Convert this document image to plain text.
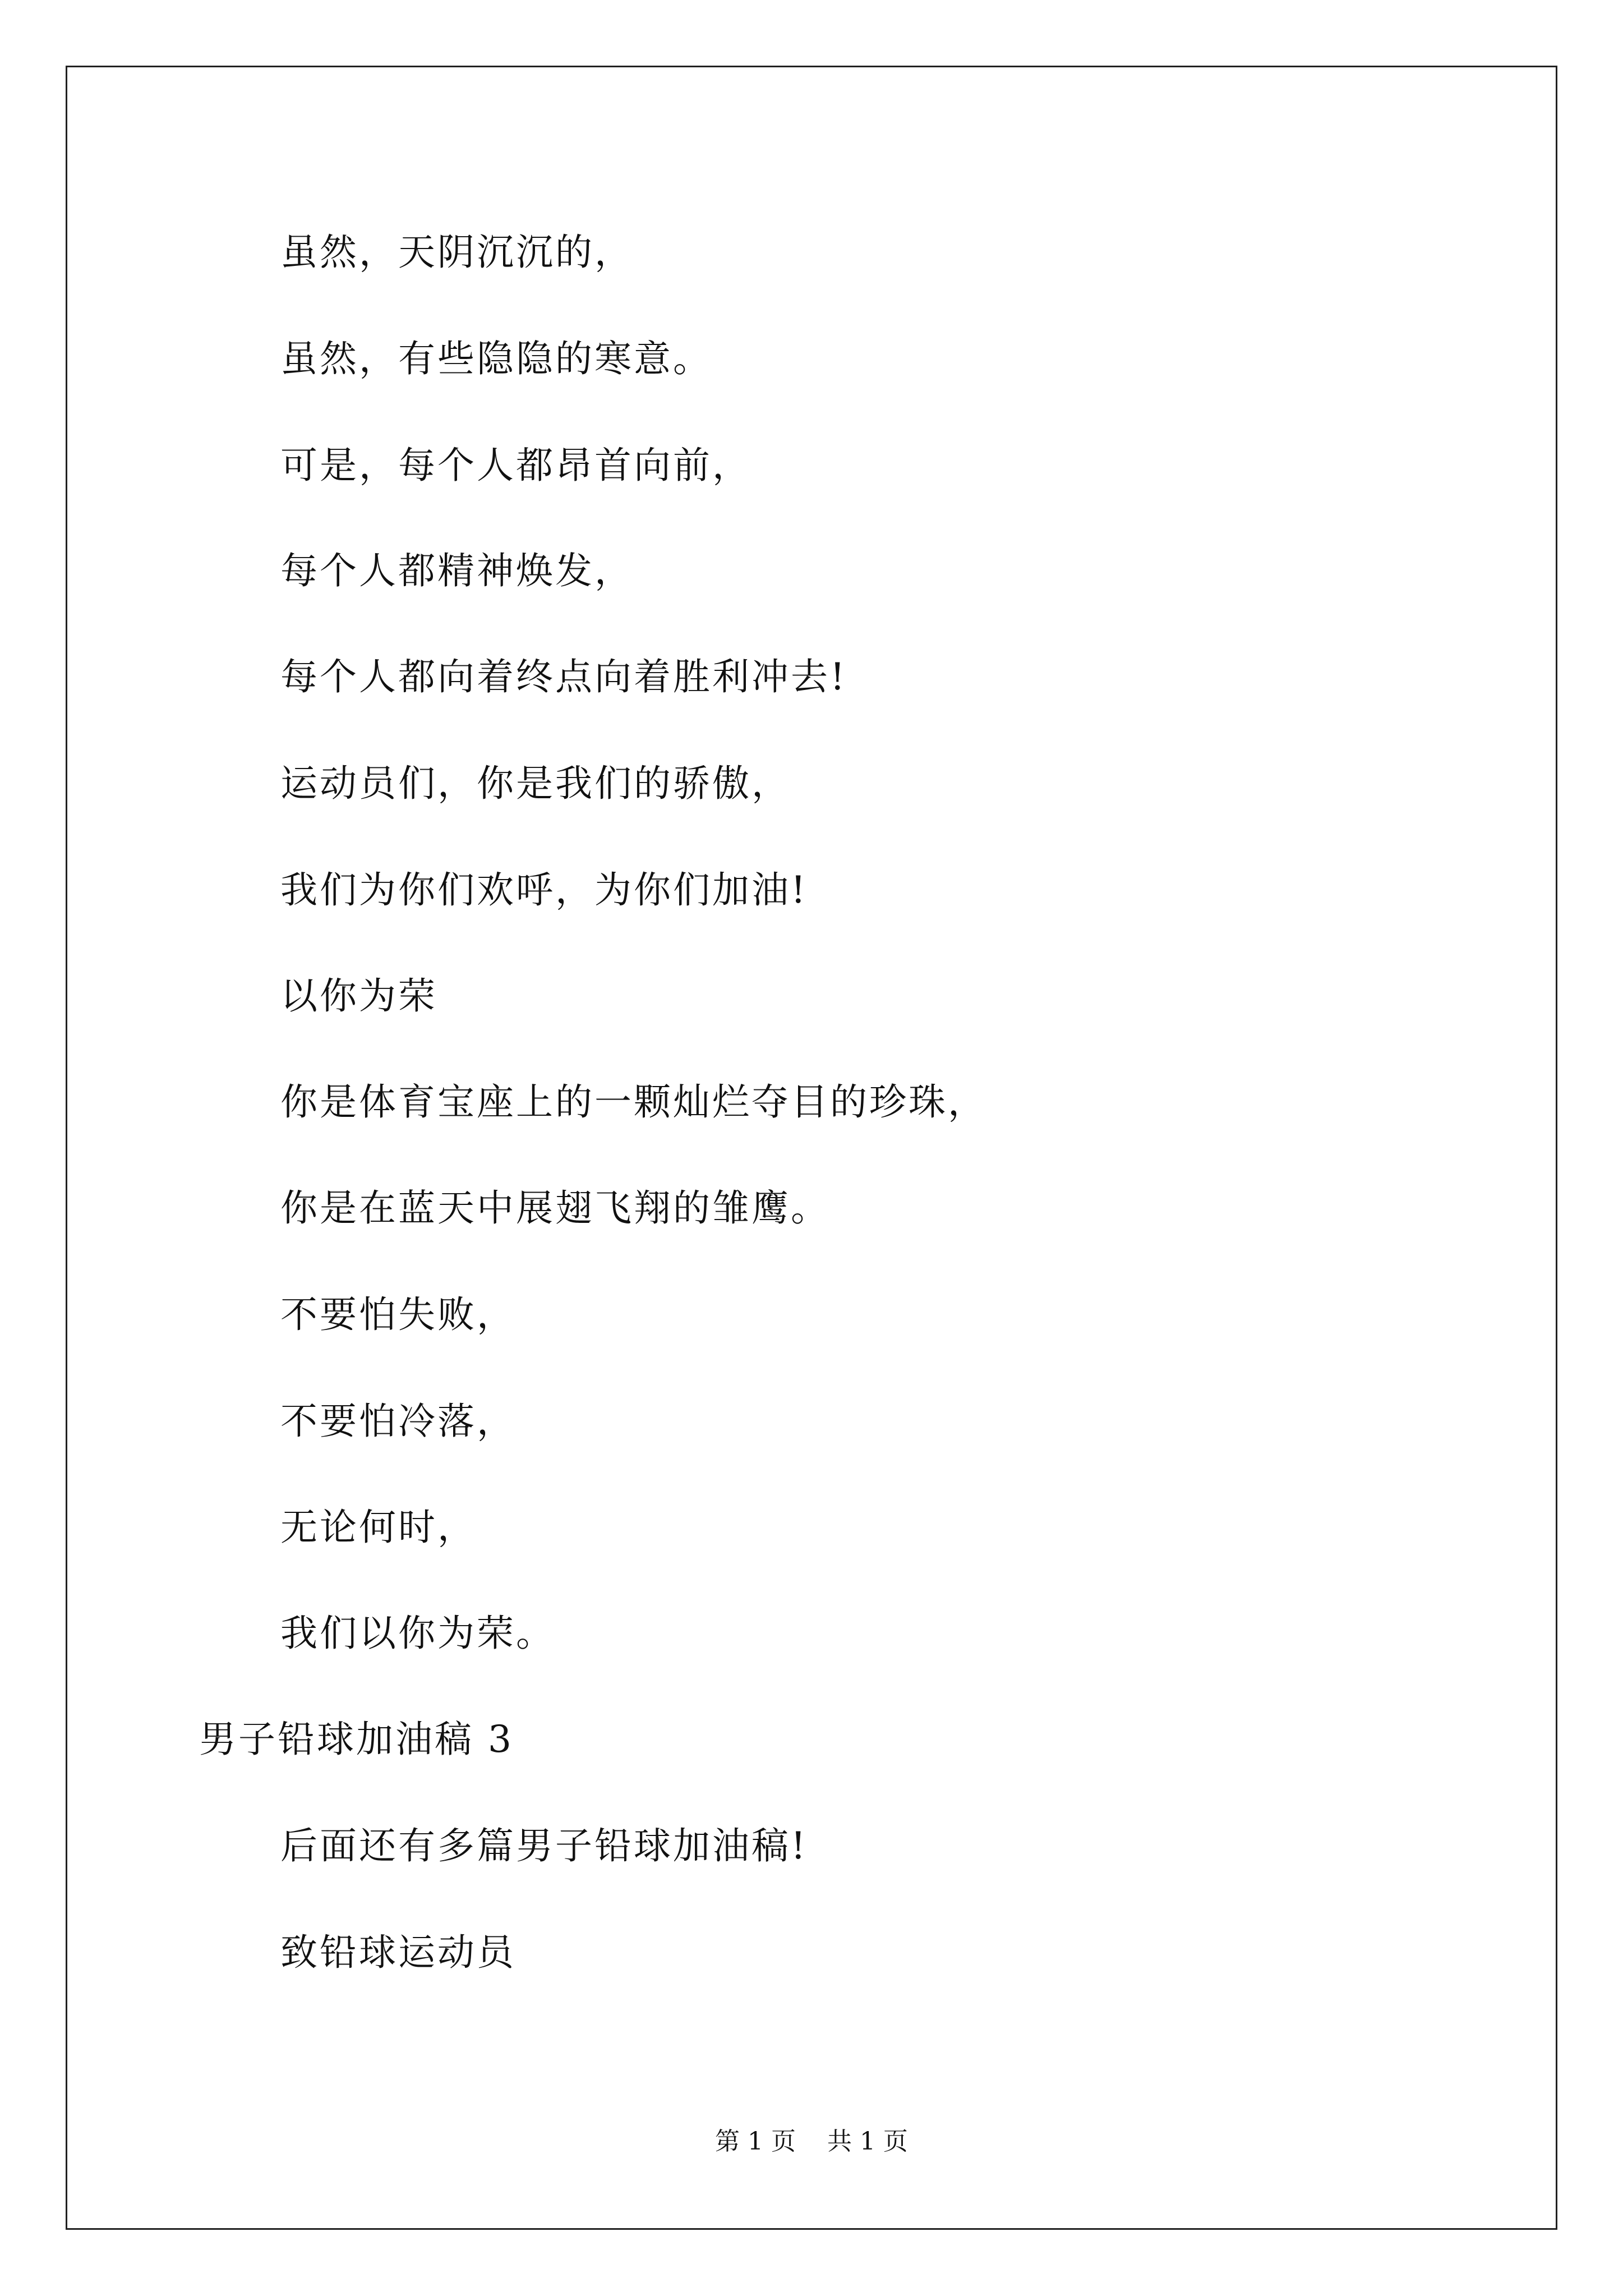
虽然，天阴沉沉的，
虽然，有些隐隐的寒意。
可是，每个人都昂首向前，
每个人都精神焕发，
每个人都向着终点向着胜利冲去!
运动员们，你是我们的骄傲，
我们为你们欢呼，为你们加油!
以你为荣
你是体育宝座上的一颗灿烂夺目的珍珠，
你是在蓝天中展翅飞翔的雏鹰。
不要怕失败，
不要怕冷落，
无论何时，
我们以你为荣。
男子铅球加油稿 3
后面还有多篇男子铅球加油稿!
致铅球运动员
第 1 页    共 1 页
